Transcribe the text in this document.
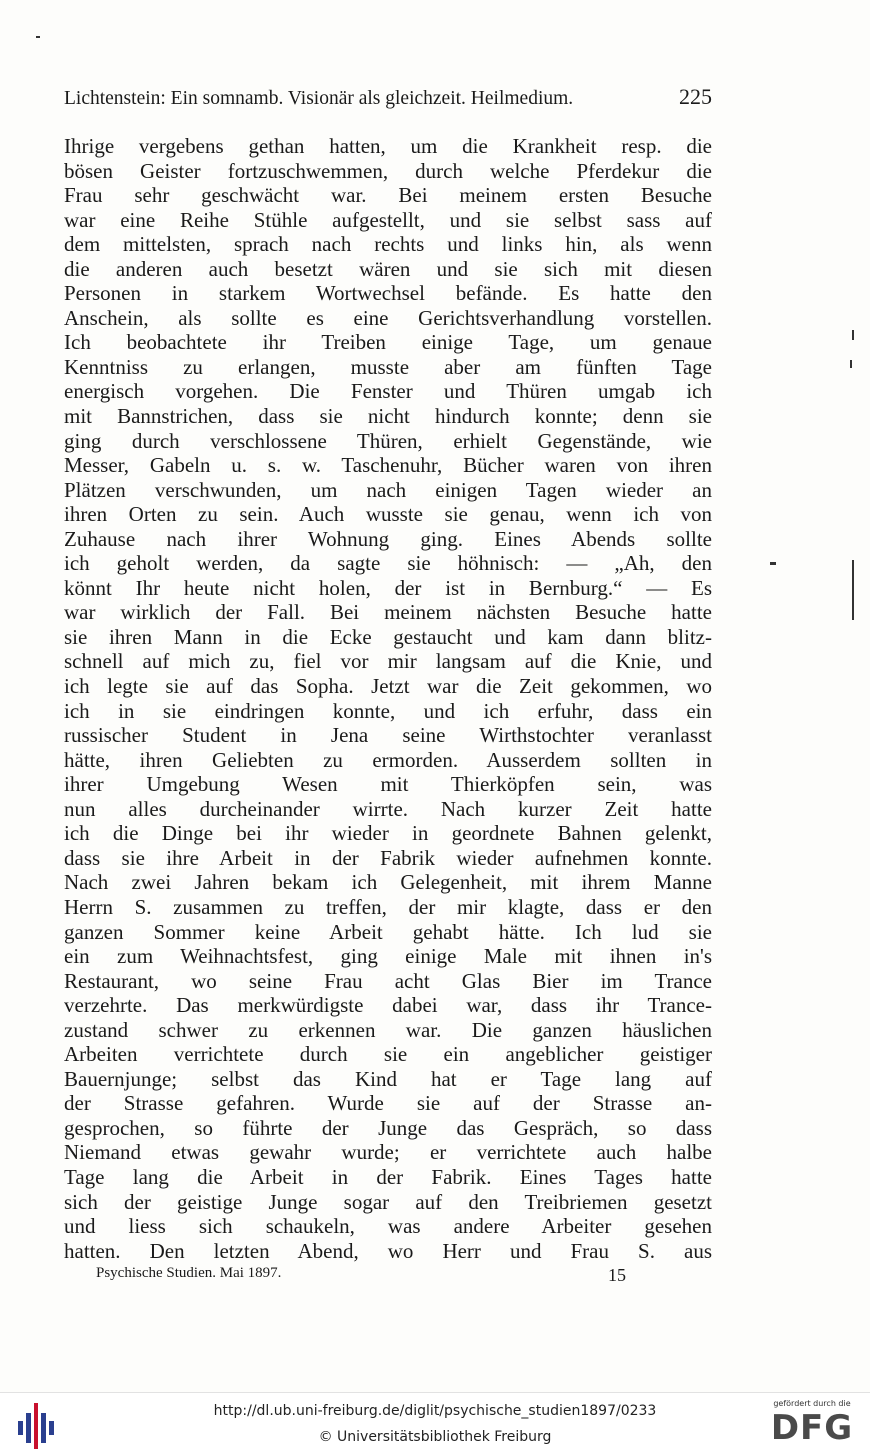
Lichtenstein: Ein somnamb. Visionär als gleichzeit. Heilmedium.	225
Ihrige vergebens gethan hatten, um die Krankheit resp. die
bösen Geister fortzuschwemmen, durch welche Pferdekur die
Frau sehr geschwächt war. Bei meinem ersten Besuche
war eine Reihe Stühle aufgestellt, und sie selbst sass auf
dem mittelsten, sprach nach rechts und links hin, als wenn
die anderen auch besetzt wären und sie sich mit diesen
Personen in starkem Wortwechsel befände. Es hatte den
Anschein, als sollte es eine Gerichtsverhandlung vorstellen.
Ich beobachtete ihr Treiben einige Tage, um genaue
Kenntniss zu erlangen, musste aber am fünften Tage
energisch vorgehen. Die Fenster und Thüren umgab ich
mit Bannstrichen, dass sie nicht hindurch konnte; denn sie
ging durch verschlossene Thüren, erhielt Gegenstände, wie
Messer, Gabeln u. s. w. Taschenuhr, Bücher waren von ihren
Plätzen verschwunden, um nach einigen Tagen wieder an
ihren Orten zu sein. Auch wusste sie genau, wenn ich von
Zuhause nach ihrer Wohnung ging. Eines Abends sollte
ich geholt werden, da sagte sie höhnisch: — „Ah, den
könnt Ihr heute nicht holen, der ist in Bernburg.“ — Es
war wirklich der Fall. Bei meinem nächsten Besuche hatte
sie ihren Mann in die Ecke gestaucht und kam dann blitz-
schnell auf mich zu, fiel vor mir langsam auf die Knie, und
ich legte sie auf das Sopha. Jetzt war die Zeit gekommen, wo
ich in sie eindringen konnte, und ich erfuhr, dass ein
russischer Student in Jena seine Wirthstochter veranlasst
hätte, ihren Geliebten zu ermorden. Ausserdem sollten in
ihrer Umgebung Wesen mit Thierköpfen sein, was
nun alles durcheinander wirrte. Nach kurzer Zeit hatte
ich die Dinge bei ihr wieder in geordnete Bahnen gelenkt,
dass sie ihre Arbeit in der Fabrik wieder aufnehmen konnte.
Nach zwei Jahren bekam ich Gelegenheit, mit ihrem Manne
Herrn S. zusammen zu treffen, der mir klagte, dass er den
ganzen Sommer keine Arbeit gehabt hätte. Ich lud sie
ein zum Weihnachtsfest, ging einige Male mit ihnen in's
Restaurant, wo seine Frau acht Glas Bier im Trance
verzehrte. Das merkwürdigste dabei war, dass ihr Trance-
zustand schwer zu erkennen war. Die ganzen häuslichen
Arbeiten verrichtete durch sie ein angeblicher geistiger
Bauernjunge; selbst das Kind hat er Tage lang auf
der Strasse gefahren. Wurde sie auf der Strasse an-
gesprochen, so führte der Junge das Gespräch, so dass
Niemand etwas gewahr wurde; er verrichtete auch halbe
Tage lang die Arbeit in der Fabrik. Eines Tages hatte
sich der geistige Junge sogar auf den Treibriemen gesetzt
und liess sich schaukeln, was andere Arbeiter gesehen
hatten. Den letzten Abend, wo Herr und Frau S. aus
Psychische Studien. Mai 1897.	15
http://dl.ub.uni-freiburg.de/diglit/psychische_studien1897/0233
© Universitätsbibliothek Freiburg
gefördert durch die
DFG
